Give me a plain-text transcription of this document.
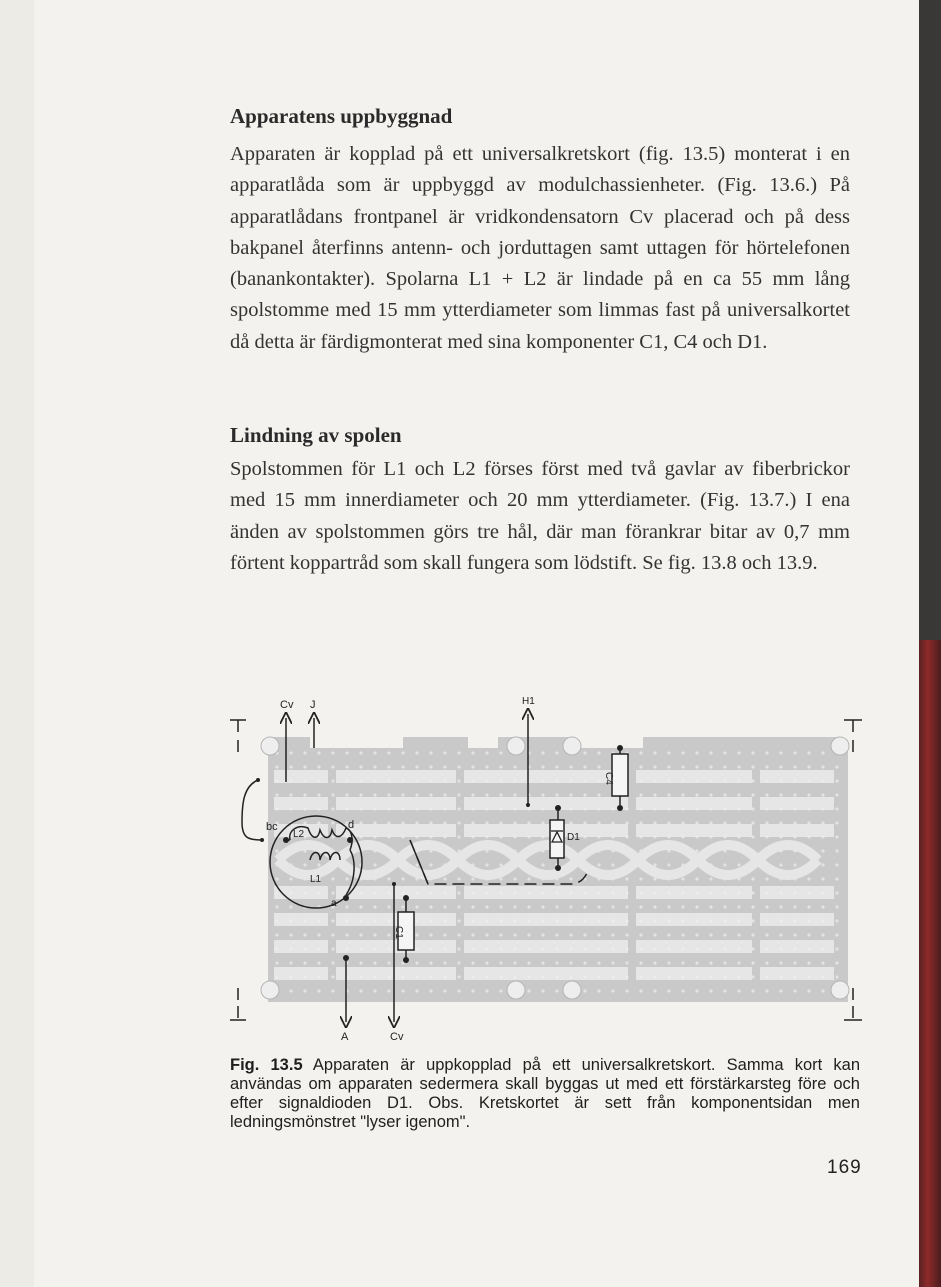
Apparatens uppbyggnad

Apparaten är kopplad på ett universalkretskort (fig. 13.5) monterat i en apparatlåda som är uppbyggd av modulchassienheter. (Fig. 13.6.) På apparatlådans frontpanel är vridkondensatorn Cv placerad och på dess bakpanel återfinns antenn- och jorduttagen samt uttagen för hörtelefonen (banankontakter). Spolarna L1 + L2 är lindade på en ca 55 mm lång spolstomme med 15 mm ytterdiameter som limmas fast på universalkortet då detta är färdigmonterat med sina komponenter C1, C4 och D1.

Lindning av spolen

Spolstommen för L1 och L2 förses först med två gavlar av fiberbrickor med 15 mm innerdiameter och 20 mm ytterdiameter. (Fig. 13.7.) I ena änden av spolstommen görs tre hål, där man förankrar bitar av 0,7 mm förtent koppartråd som skall fungera som lödstift. Se fig. 13.8 och 13.9.

Cv J	H1
bc
L2
d
L1
a
C4
D1
C1
A	Cv

Fig. 13.5 Apparaten är uppkopplad på ett universalkretskort. Samma kort kan användas om apparaten sedermera skall byggas ut med ett förstärkarsteg före och efter signaldioden D1. Obs. Kretskortet är sett från komponentsidan men ledningsmönstret "lyser igenom".

169
